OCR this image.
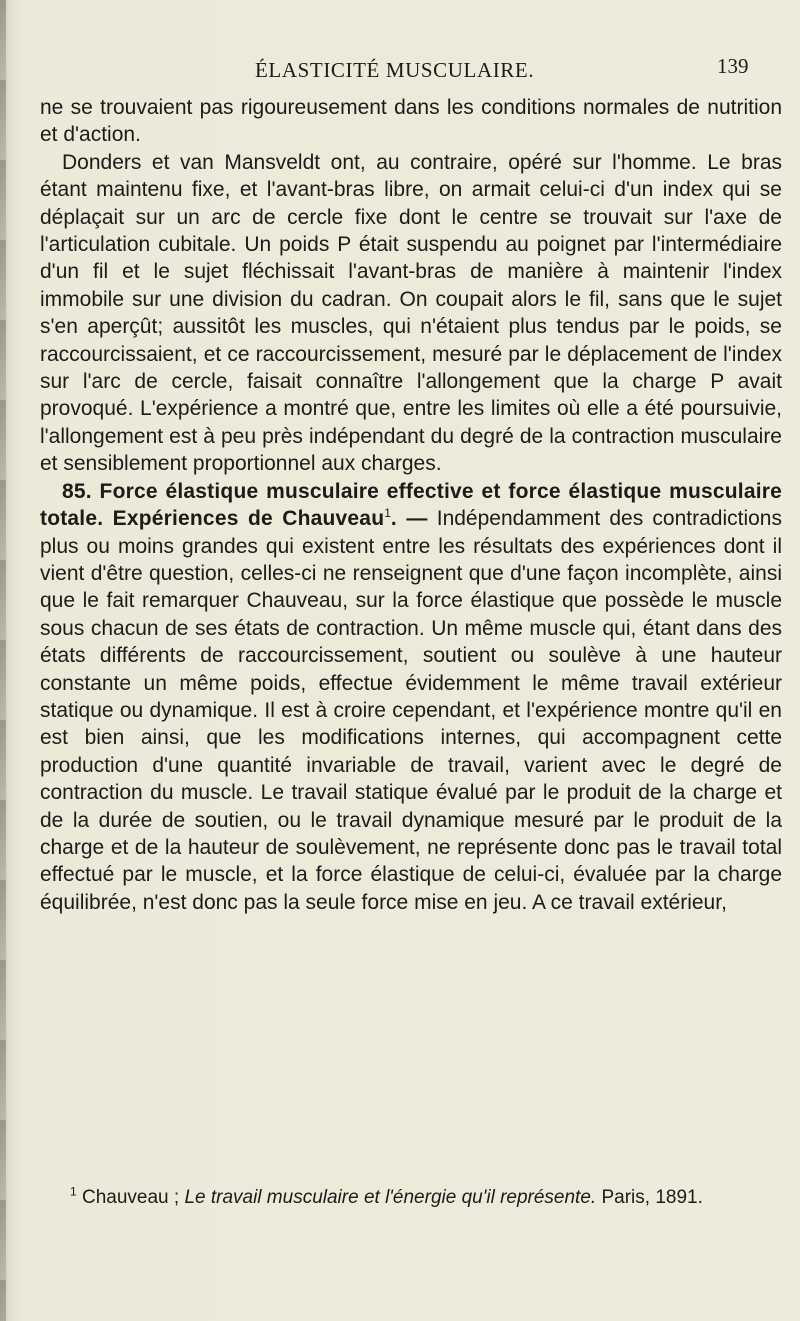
ÉLASTICITÉ MUSCULAIRE.	139

ne se trouvaient pas rigoureusement dans les conditions normales de nutrition et d'action.

Donders et van Mansveldt ont, au contraire, opéré sur l'homme. Le bras étant maintenu fixe, et l'avant-bras libre, on armait celui-ci d'un index qui se déplaçait sur un arc de cercle fixe dont le centre se trouvait sur l'axe de l'articulation cubitale. Un poids P était suspendu au poignet par l'intermédiaire d'un fil et le sujet fléchissait l'avant-bras de manière à maintenir l'index immobile sur une division du cadran. On coupait alors le fil, sans que le sujet s'en aperçût; aussitôt les muscles, qui n'étaient plus tendus par le poids, se raccourcissaient, et ce raccourcissement, mesuré par le déplacement de l'index sur l'arc de cercle, faisait connaître l'allongement que la charge P avait provoqué. L'expérience a montré que, entre les limites où elle a été poursuivie, l'allongement est à peu près indépendant du degré de la contraction musculaire et sensiblement proportionnel aux charges.

85. Force élastique musculaire effective et force élastique musculaire totale. Expériences de Chauveau$^1$. — Indépendamment des contradictions plus ou moins grandes qui existent entre les résultats des expériences dont il vient d'être question, celles-ci ne renseignent que d'une façon incomplète, ainsi que le fait remarquer Chauveau, sur la force élastique que possède le muscle sous chacun de ses états de contraction. Un même muscle qui, étant dans des états différents de raccourcissement, soutient ou soulève à une hauteur constante un même poids, effectue évidemment le même travail extérieur statique ou dynamique. Il est à croire cependant, et l'expérience montre qu'il en est bien ainsi, que les modifications internes, qui accompagnent cette production d'une quantité invariable de travail, varient avec le degré de contraction du muscle. Le travail statique évalué par le produit de la charge et de la durée de soutien, ou le travail dynamique mesuré par le produit de la charge et de la hauteur de soulèvement, ne représente donc pas le travail total effectué par le muscle, et la force élastique de celui-ci, évaluée par la charge équilibrée, n'est donc pas la seule force mise en jeu. A ce travail extérieur,

$^1$ Chauveau ; Le travail musculaire et l'énergie qu'il représente. Paris, 1891.
